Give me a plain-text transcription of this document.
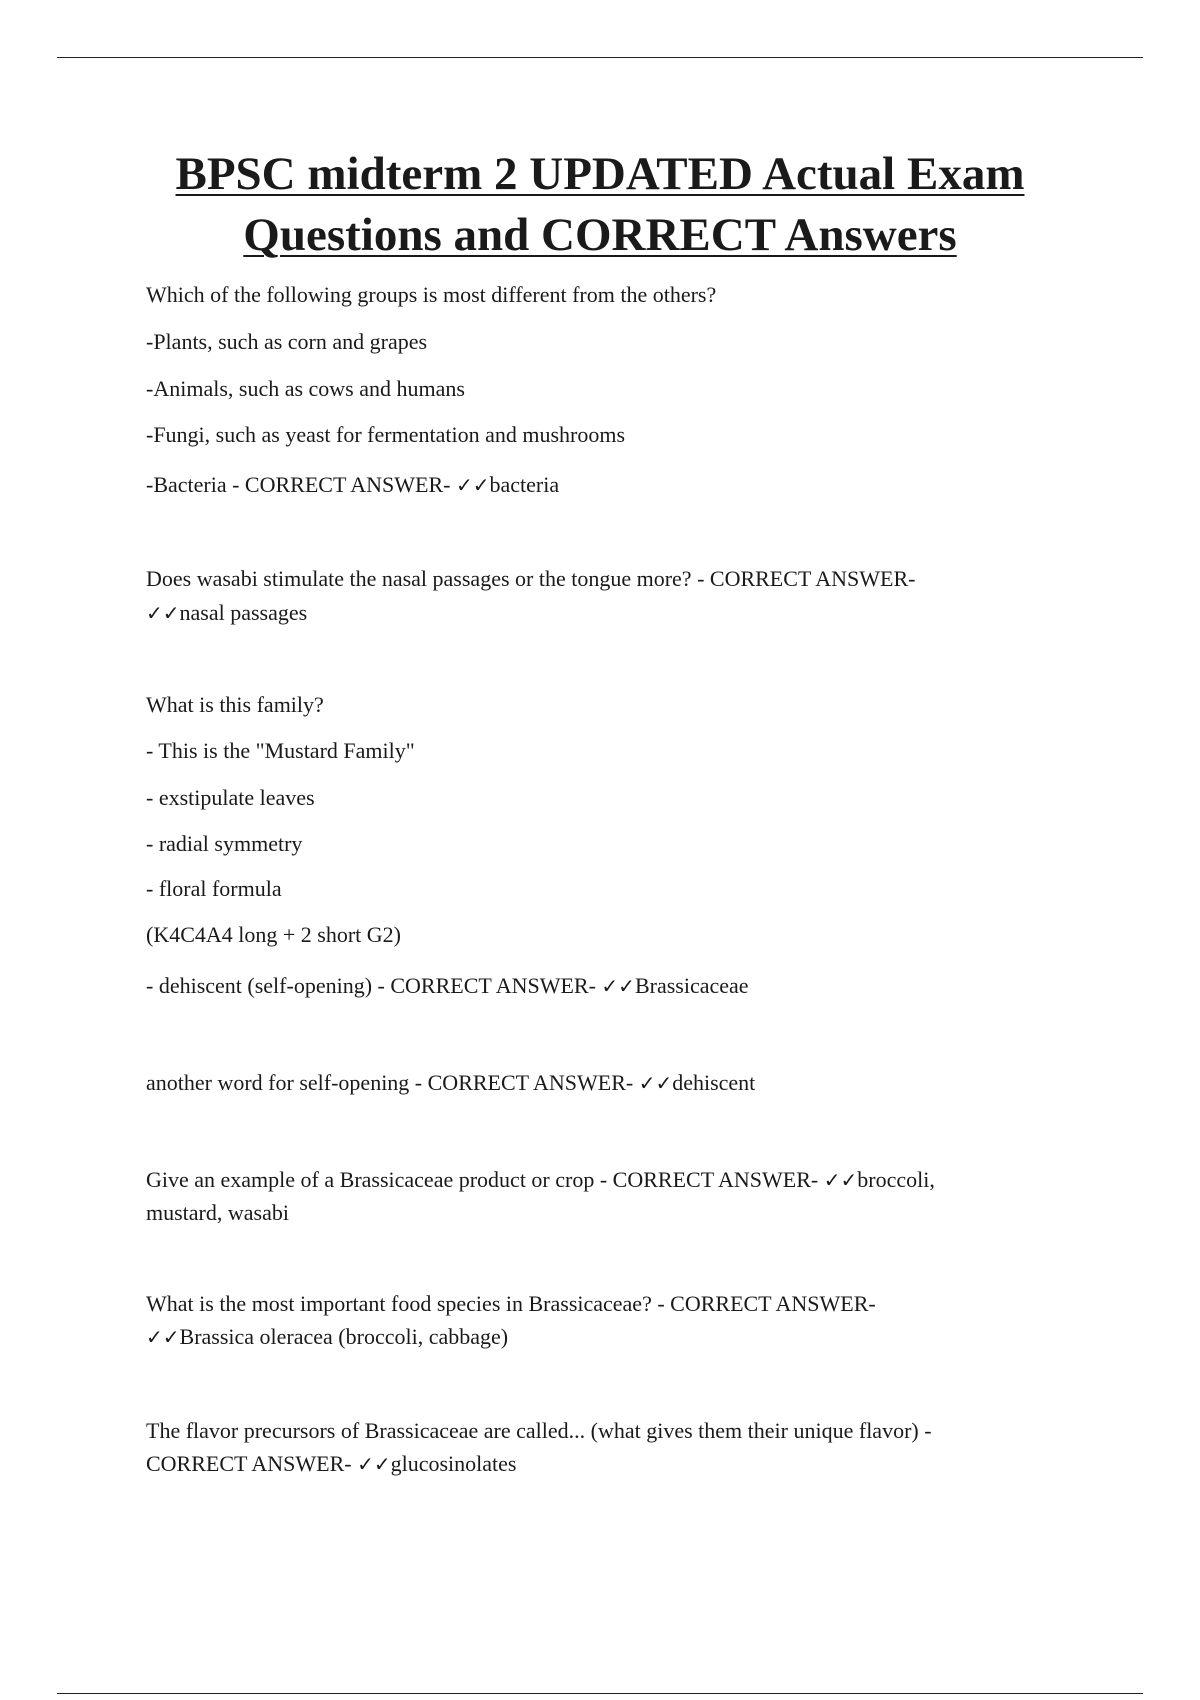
BPSC midterm 2 UPDATED Actual Exam
Questions and CORRECT Answers

Which of the following groups is most different from the others?

-Plants, such as corn and grapes

-Animals, such as cows and humans

-Fungi, such as yeast for fermentation and mushrooms

-Bacteria - CORRECT ANSWER- ✓✓bacteria

Does wasabi stimulate the nasal passages or the tongue more? - CORRECT ANSWER-

✓✓nasal passages

What is this family?

- This is the "Mustard Family"

- exstipulate leaves

- radial symmetry

- floral formula

(K4C4A4 long + 2 short G2)

- dehiscent (self-opening) - CORRECT ANSWER- ✓✓Brassicaceae

another word for self-opening - CORRECT ANSWER- ✓✓dehiscent

Give an example of a Brassicaceae product or crop - CORRECT ANSWER- ✓✓broccoli,

mustard, wasabi

What is the most important food species in Brassicaceae? - CORRECT ANSWER-

✓✓Brassica oleracea (broccoli, cabbage)

The flavor precursors of Brassicaceae are called... (what gives them their unique flavor) -

CORRECT ANSWER- ✓✓glucosinolates
